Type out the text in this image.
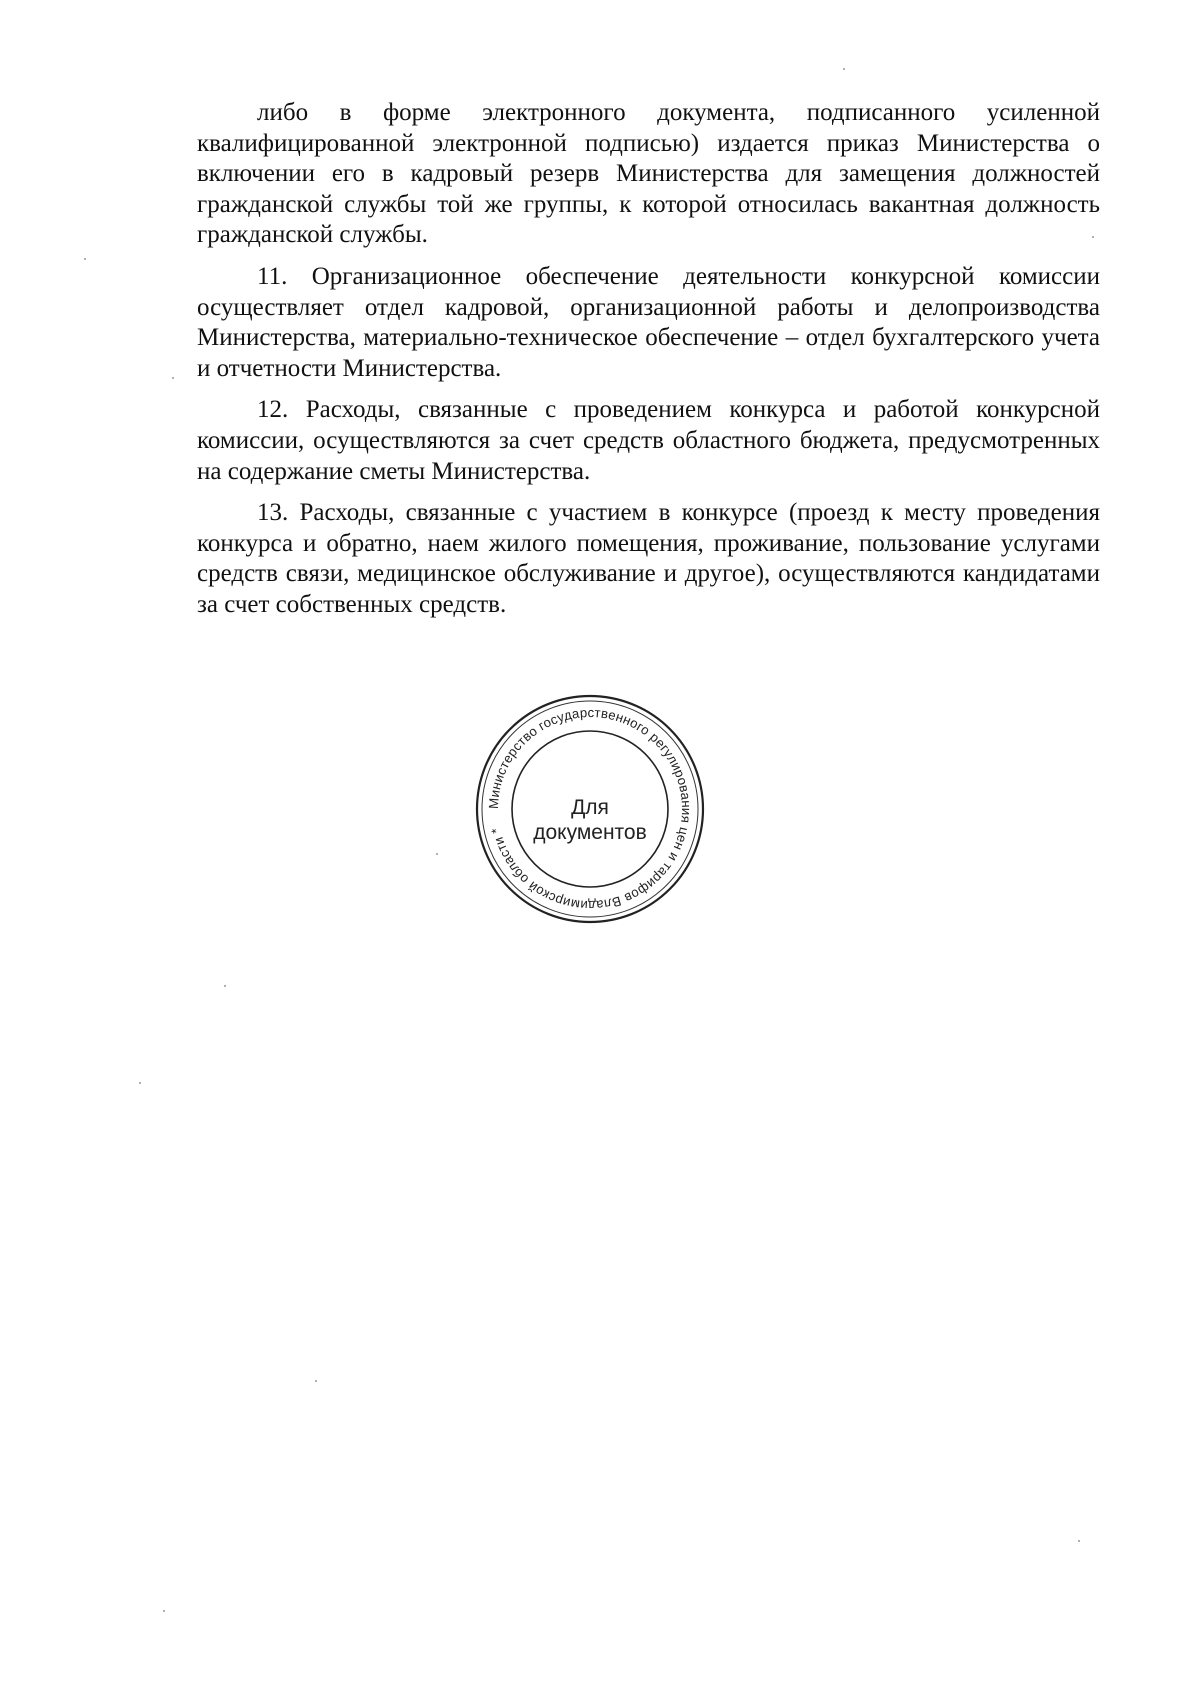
либо в форме электронного документа, подписанного усиленной квалифицированной электронной подписью) издается приказ Министерства о включении его в кадровый резерв Министерства для замещения должностей гражданской службы той же группы, к которой относилась вакантная должность гражданской службы.

11. Организационное обеспечение деятельности конкурсной комиссии осуществляет отдел кадровой, организационной работы и делопроизводства Министерства, материально-техническое обеспечение – отдел бухгалтерского учета и отчетности Министерства.

12. Расходы, связанные с проведением конкурса и работой конкурсной комиссии, осуществляются за счет средств областного бюджета, предусмотренных на содержание сметы Министерства.

13. Расходы, связанные с участием в конкурсе (проезд к месту проведения конкурса и обратно, наем жилого помещения, проживание, пользование услугами средств связи, медицинское обслуживание и другое), осуществляются кандидатами за счет собственных средств.

Министерство государственного регулирования цен и тарифов Владимирской области *
Для
документов
